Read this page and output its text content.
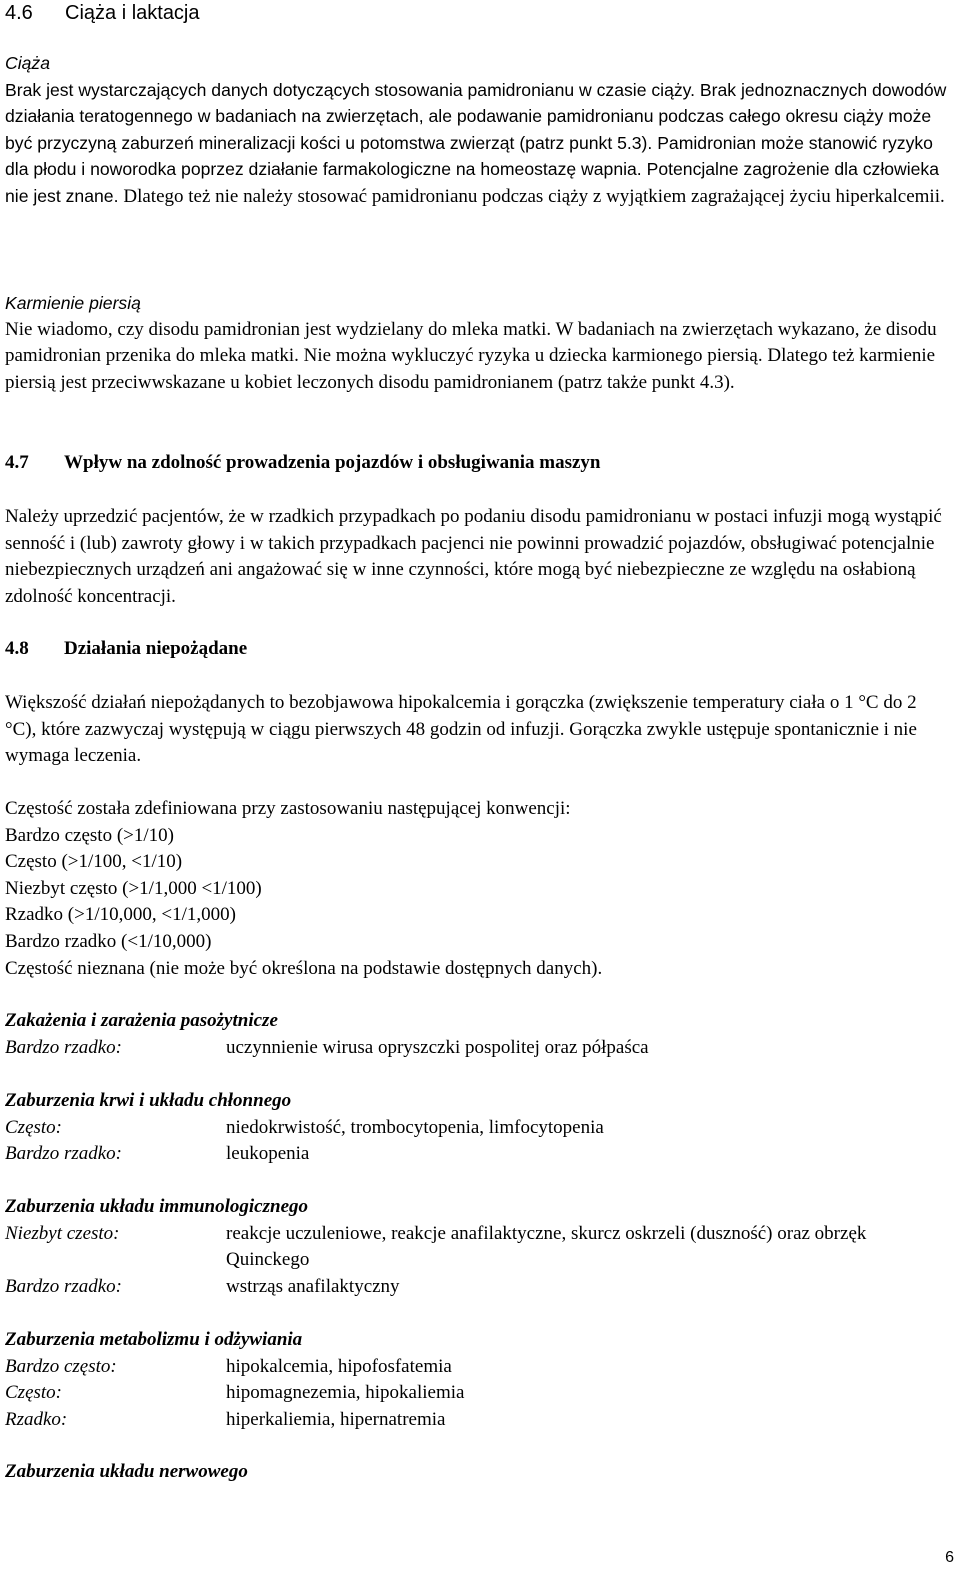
4.6 Ciąża i laktacja

Ciąża

Brak jest wystarczających danych dotyczących stosowania pamidronianu w czasie ciąży. Brak jednoznacznych dowodów działania teratogennego w badaniach na zwierzętach, ale podawanie pamidronianu podczas całego okresu ciąży może być przyczyną zaburzeń mineralizacji kości u potomstwa zwierząt (patrz punkt 5.3). Pamidronian może stanowić ryzyko dla płodu i noworodka poprzez działanie farmakologiczne na homeostazę wapnia. Potencjalne zagrożenie dla człowieka nie jest znane. Dlatego też nie należy stosować pamidronianu podczas ciąży z wyjątkiem zagrażającej życiu hiperkalcemii.

Karmienie piersią

Nie wiadomo, czy disodu pamidronian jest wydzielany do mleka matki. W badaniach na zwierzętach wykazano, że disodu pamidronian przenika do mleka matki. Nie można wykluczyć ryzyka u dziecka karmionego piersią. Dlatego też karmienie piersią jest przeciwwskazane u kobiet leczonych disodu pamidronianem (patrz także punkt 4.3).

4.7 Wpływ na zdolność prowadzenia pojazdów i obsługiwania maszyn

Należy uprzedzić pacjentów, że w rzadkich przypadkach po podaniu disodu pamidronianu w postaci infuzji mogą wystąpić senność i (lub) zawroty głowy i w takich przypadkach pacjenci nie powinni prowadzić pojazdów, obsługiwać potencjalnie niebezpiecznych urządzeń ani angażować się w inne czynności, które mogą być niebezpieczne ze względu na osłabioną zdolność koncentracji.

4.8 Działania niepożądane

Większość działań niepożądanych to bezobjawowa hipokalcemia i gorączka (zwiększenie temperatury ciała o 1 °C do 2 °C), które zazwyczaj występują w ciągu pierwszych 48 godzin od infuzji. Gorączka zwykle ustępuje spontanicznie i nie wymaga leczenia.

Częstość została zdefiniowana przy zastosowaniu następującej konwencji:

Bardzo często (>1/10)

Często (>1/100, <1/10)

Niezbyt często (>1/1,000 <1/100)

Rzadko (>1/10,000, <1/1,000)

Bardzo rzadko (<1/10,000)

Częstość nieznana (nie może być określona na podstawie dostępnych danych).

Zakażenia i zarażenia pasożytnicze

Bardzo rzadko:	uczynnienie wirusa opryszczki pospolitej oraz półpaśca

Zaburzenia krwi i układu chłonnego

Często:	niedokrwistość, trombocytopenia, limfocytopenia
Bardzo rzadko:	leukopenia

Zaburzenia układu immunologicznego

Niezbyt czesto:	reakcje uczuleniowe, reakcje anafilaktyczne, skurcz oskrzeli (duszność) oraz obrzęk Quinckego
Bardzo rzadko:	wstrząs anafilaktyczny

Zaburzenia metabolizmu i odżywiania

Bardzo często:	hipokalcemia, hipofosfatemia
Często:	hipomagnezemia, hipokaliemia
Rzadko:	hiperkaliemia, hipernatremia

Zaburzenia układu nerwowego

6
